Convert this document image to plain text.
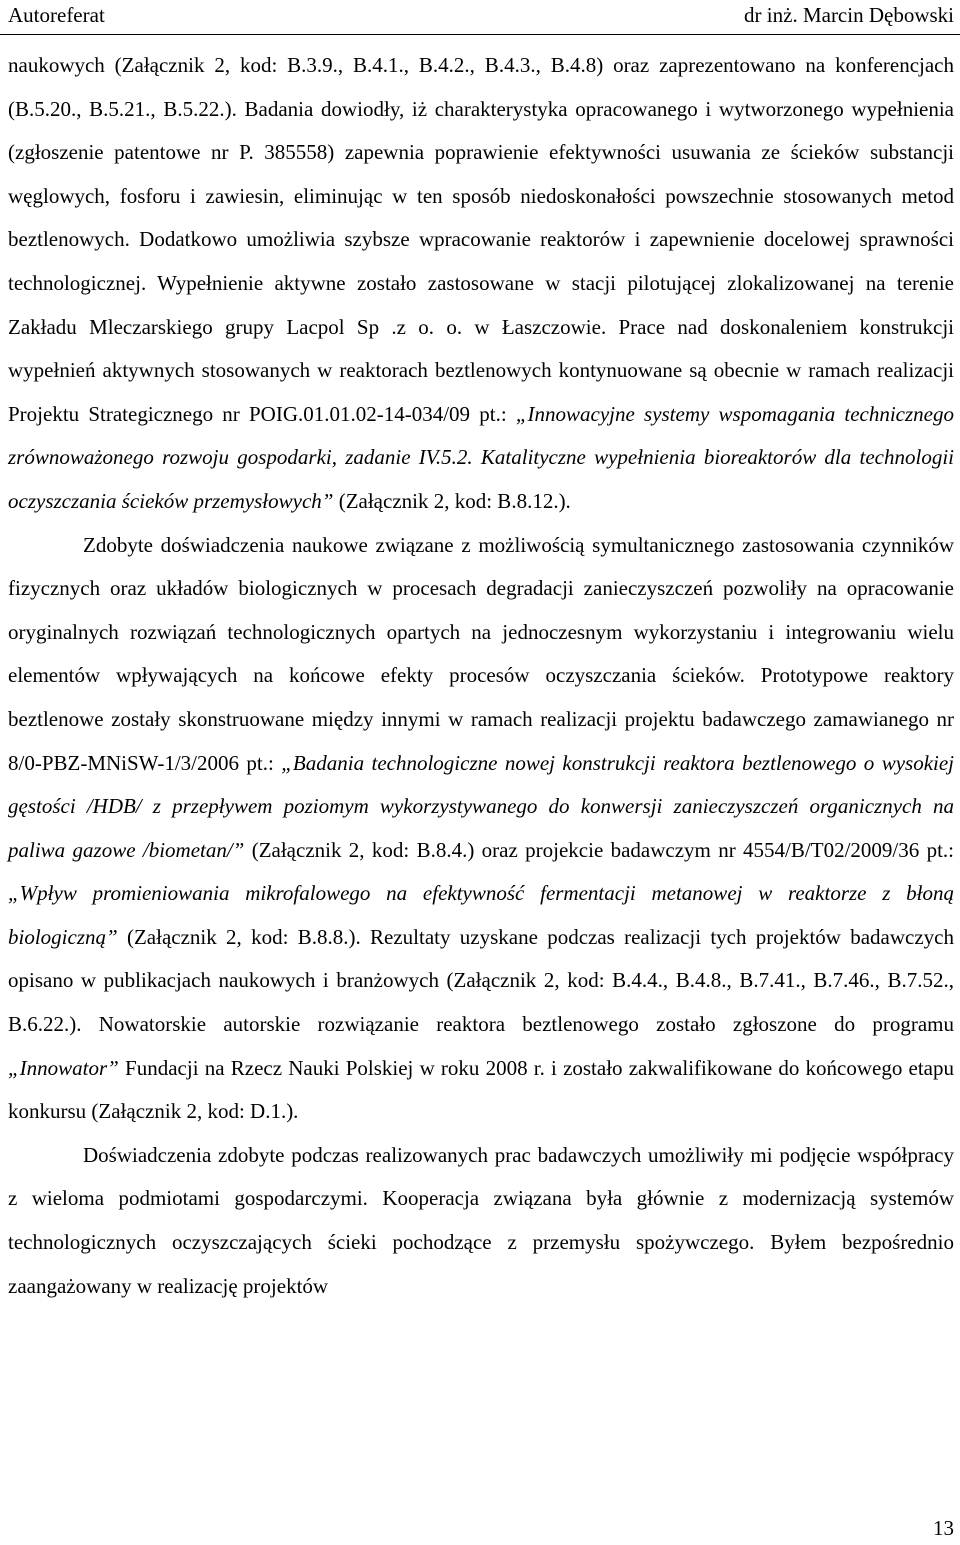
Autoreferat	dr inż. Marcin Dębowski

naukowych (Załącznik 2, kod: B.3.9., B.4.1., B.4.2., B.4.3., B.4.8) oraz zaprezentowano na konferencjach (B.5.20., B.5.21., B.5.22.). Badania dowiodły, iż charakterystyka opracowanego i wytworzonego wypełnienia (zgłoszenie patentowe nr P. 385558) zapewnia poprawienie efektywności usuwania ze ścieków substancji węglowych, fosforu i zawiesin, eliminując w ten sposób niedoskonałości powszechnie stosowanych metod beztlenowych. Dodatkowo umożliwia szybsze wpracowanie reaktorów i zapewnienie docelowej sprawności technologicznej. Wypełnienie aktywne zostało zastosowane w stacji pilotującej zlokalizowanej na terenie Zakładu Mleczarskiego grupy Lacpol Sp .z o. o. w Łaszczowie. Prace nad doskonaleniem konstrukcji wypełnień aktywnych stosowanych w reaktorach beztlenowych kontynuowane są obecnie w ramach realizacji Projektu Strategicznego nr POIG.01.01.02-14-034/09 pt.: „Innowacyjne systemy wspomagania technicznego zrównoważonego rozwoju gospodarki, zadanie IV.5.2. Katalityczne wypełnienia bioreaktorów dla technologii oczyszczania ścieków przemysłowych” (Załącznik 2, kod: B.8.12.).

Zdobyte doświadczenia naukowe związane z możliwością symultanicznego zastosowania czynników fizycznych oraz układów biologicznych w procesach degradacji zanieczyszczeń pozwoliły na opracowanie oryginalnych rozwiązań technologicznych opartych na jednoczesnym wykorzystaniu i integrowaniu wielu elementów wpływających na końcowe efekty procesów oczyszczania ścieków. Prototypowe reaktory beztlenowe zostały skonstruowane między innymi w ramach realizacji projektu badawczego zamawianego nr 8/0-PBZ-MNiSW-1/3/2006 pt.: „Badania technologiczne nowej konstrukcji reaktora beztlenowego o wysokiej gęstości /HDB/ z przepływem poziomym wykorzystywanego do konwersji zanieczyszczeń organicznych na paliwa gazowe /biometan/” (Załącznik 2, kod: B.8.4.) oraz projekcie badawczym nr 4554/B/T02/2009/36 pt.: „Wpływ promieniowania mikrofalowego na efektywność fermentacji metanowej w reaktorze z błoną biologiczną” (Załącznik 2, kod: B.8.8.). Rezultaty uzyskane podczas realizacji tych projektów badawczych opisano w publikacjach naukowych i branżowych (Załącznik 2, kod: B.4.4., B.4.8., B.7.41., B.7.46., B.7.52., B.6.22.). Nowatorskie autorskie rozwiązanie reaktora beztlenowego zostało zgłoszone do programu „Innowator” Fundacji na Rzecz Nauki Polskiej w roku 2008 r. i zostało zakwalifikowane do końcowego etapu konkursu (Załącznik 2, kod: D.1.).

Doświadczenia zdobyte podczas realizowanych prac badawczych umożliwiły mi podjęcie współpracy z wieloma podmiotami gospodarczymi. Kooperacja związana była głównie z modernizacją systemów technologicznych oczyszczających ścieki pochodzące z przemysłu spożywczego. Byłem bezpośrednio zaangażowany w realizację projektów

13
